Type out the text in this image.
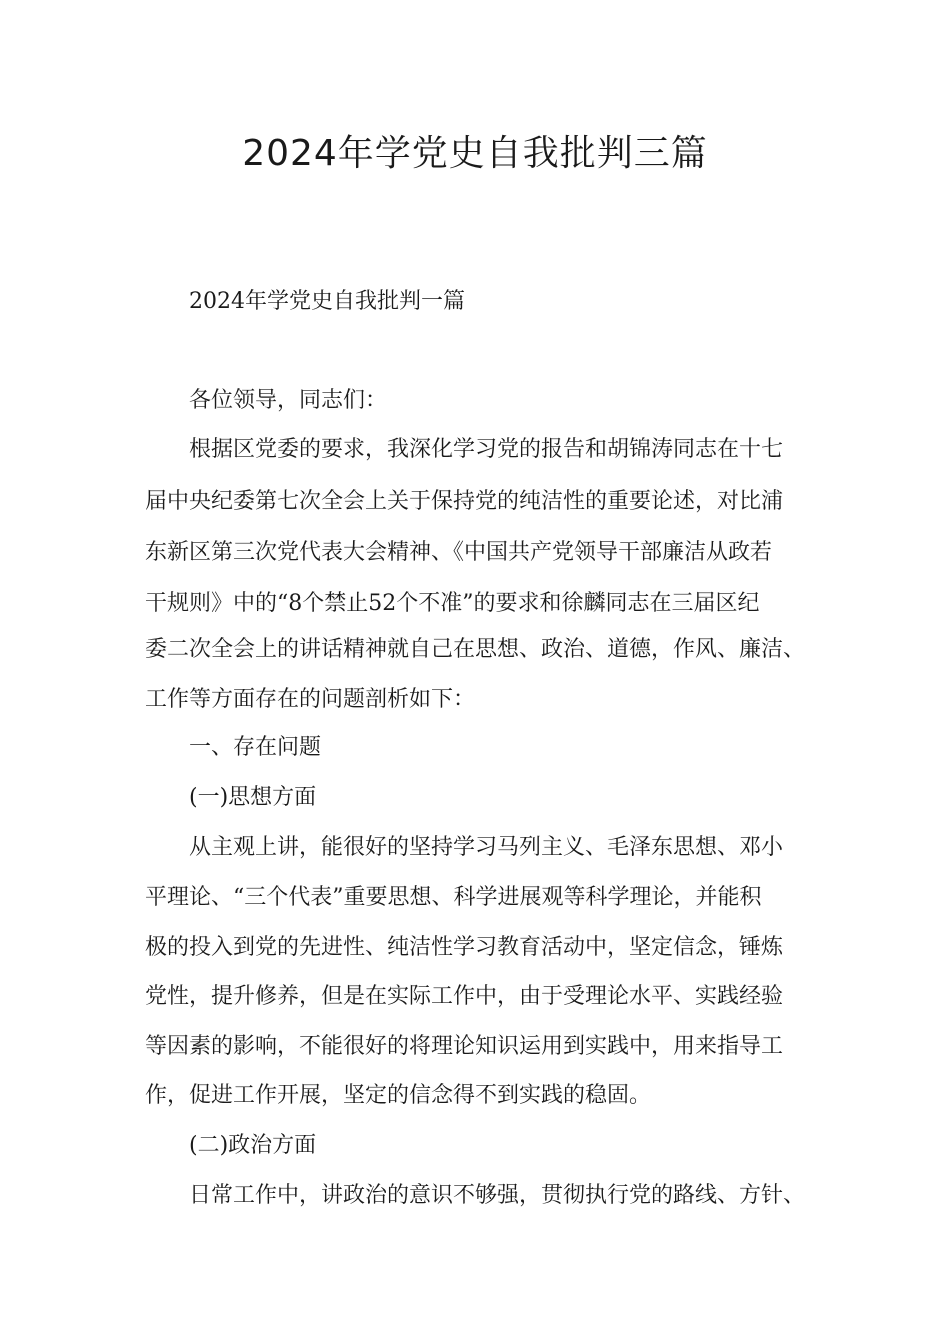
2024年学党史自我批判三篇

2024年学党史自我批判一篇

各位领导，同志们：

根据区党委的要求，我深化学习党的报告和胡锦涛同志在十七

届中央纪委第七次全会上关于保持党的纯洁性的重要论述，对比浦

东新区第三次党代表大会精神、《中国共产党领导干部廉洁从政若

干规则》中的“8个禁止52个不准”的要求和徐麟同志在三届区纪

委二次全会上的讲话精神就自己在思想、政治、道德，作风、廉洁、

工作等方面存在的问题剖析如下：

一、存在问题

(一)思想方面

从主观上讲，能很好的坚持学习马列主义、毛泽东思想、邓小

平理论、“三个代表”重要思想、科学进展观等科学理论，并能积

极的投入到党的先进性、纯洁性学习教育活动中，坚定信念，锤炼

党性，提升修养，但是在实际工作中，由于受理论水平、实践经验

等因素的影响，不能很好的将理论知识运用到实践中，用来指导工

作，促进工作开展，坚定的信念得不到实践的稳固。

(二)政治方面

日常工作中，讲政治的意识不够强，贯彻执行党的路线、方针、
